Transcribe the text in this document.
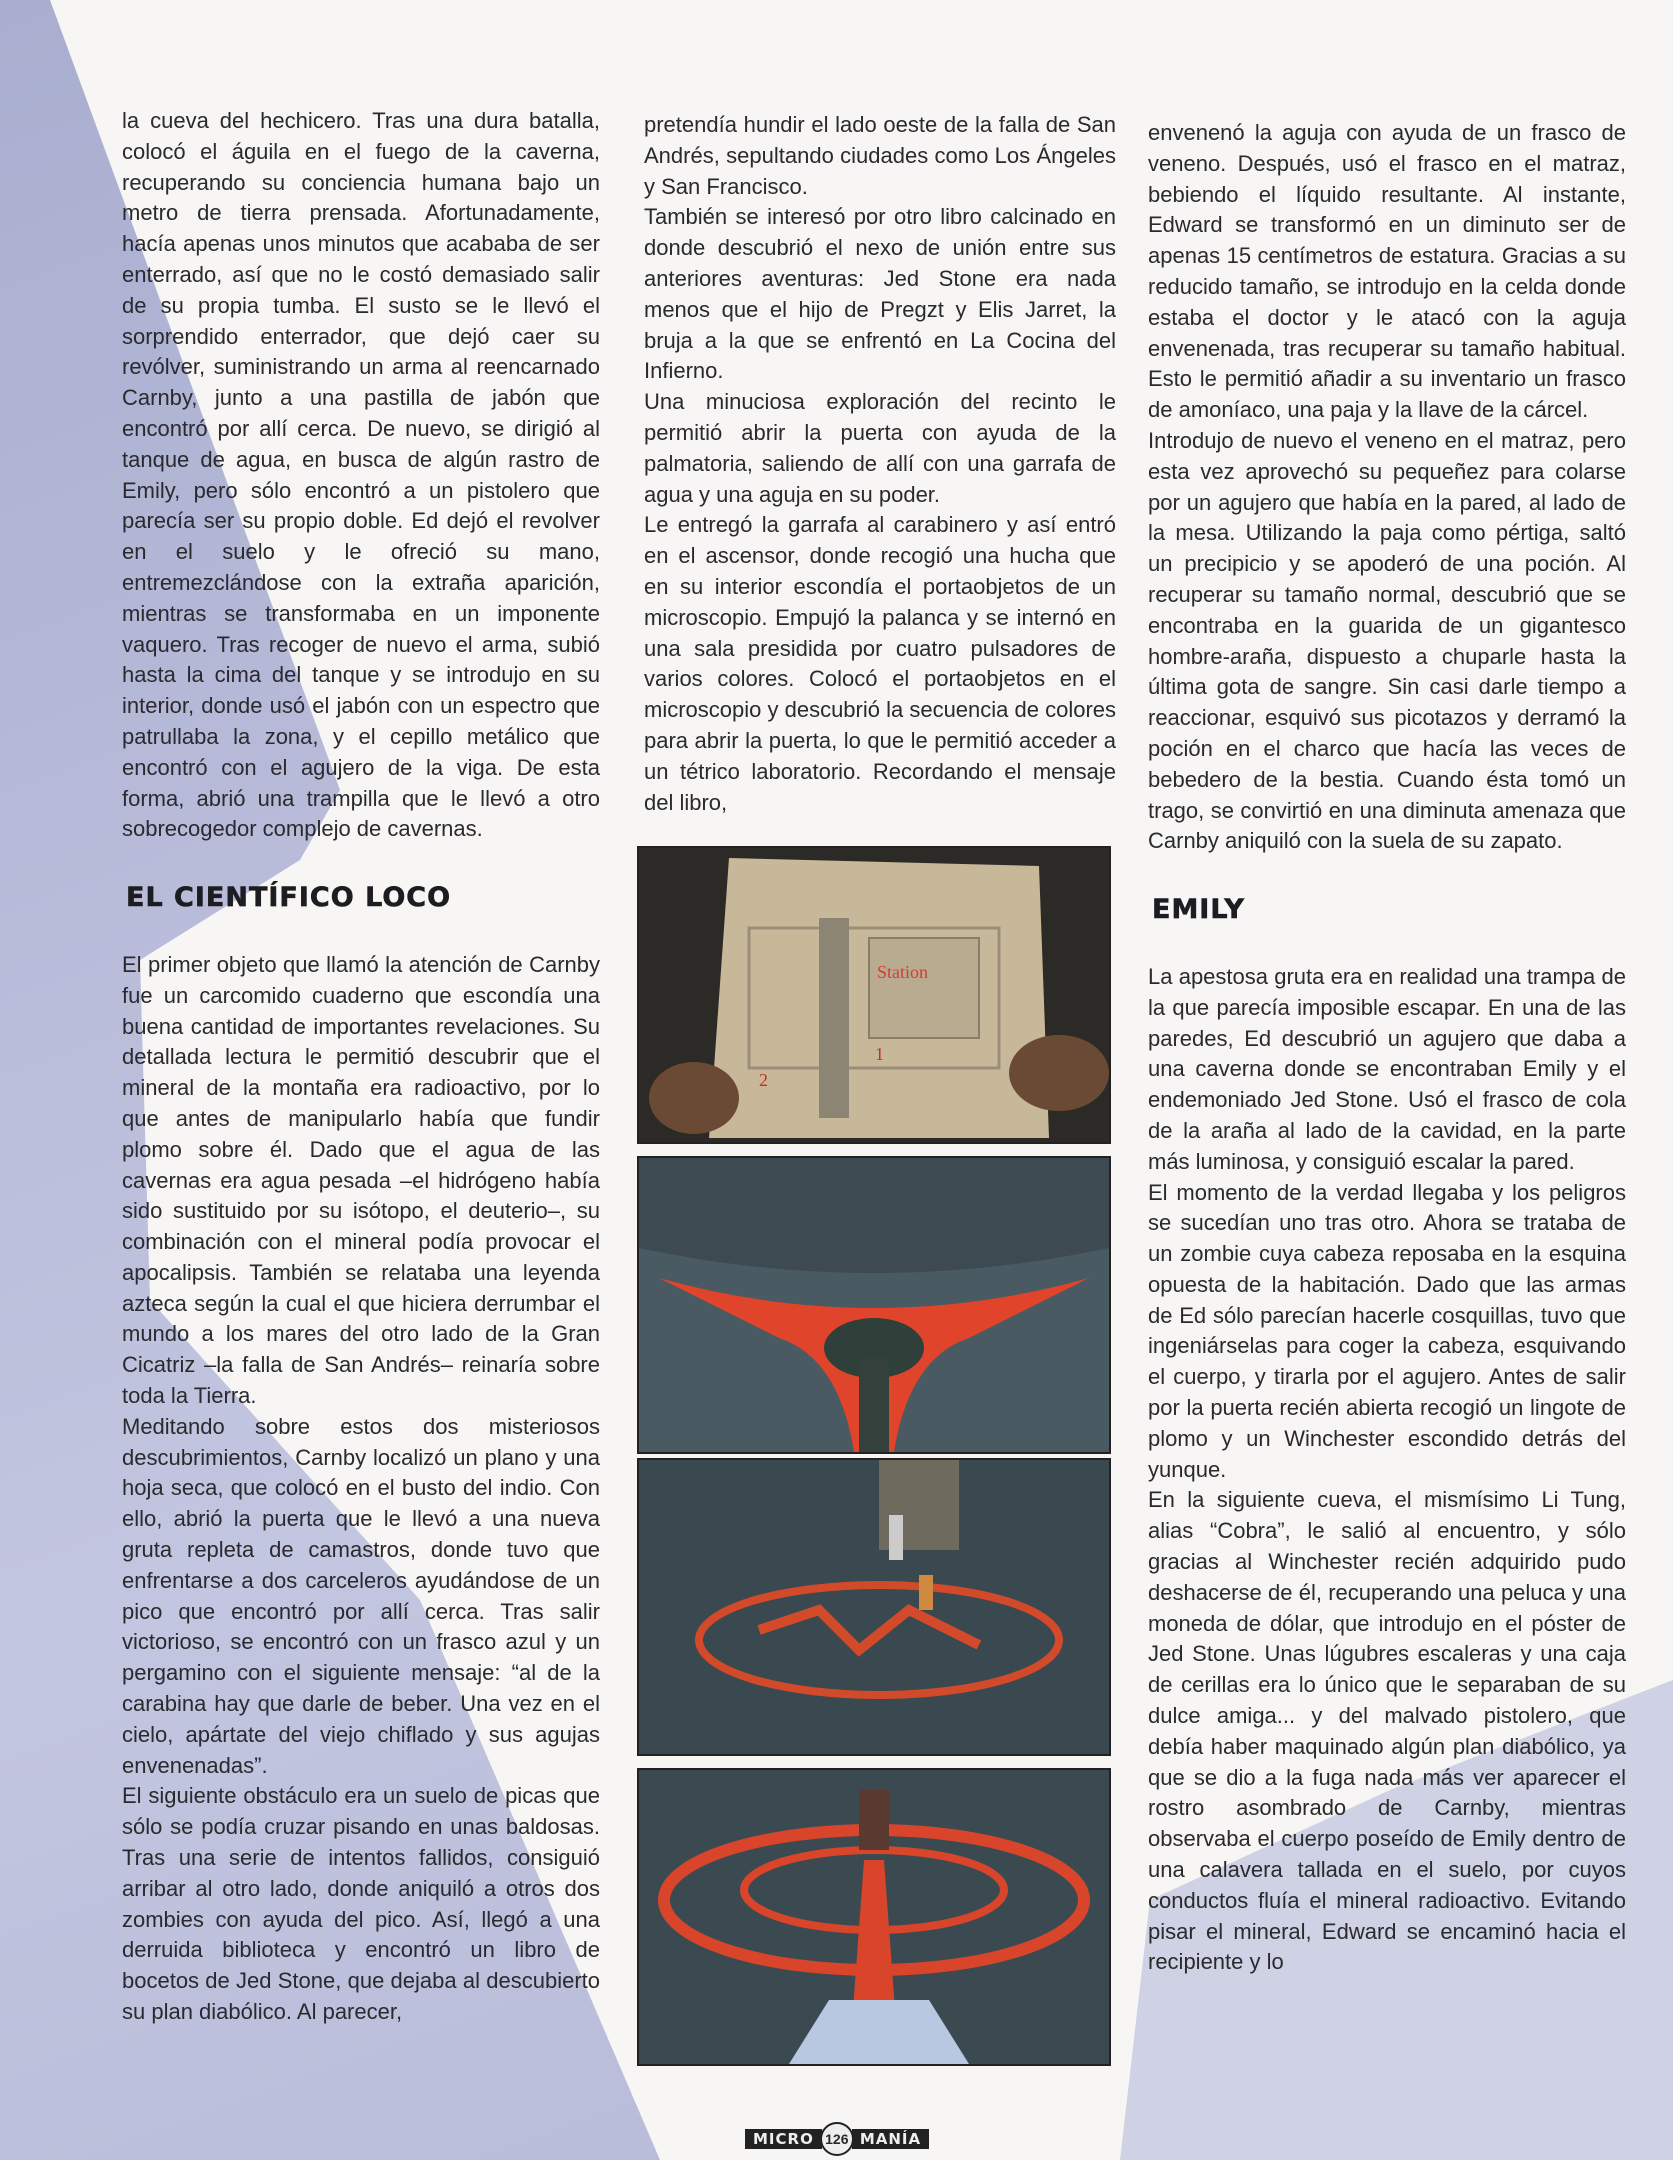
la cueva del hechicero. Tras una dura batalla, colocó el águila en el fuego de la caverna, recuperando su conciencia humana bajo un metro de tierra prensada. Afortunadamente, hacía apenas unos minutos que acababa de ser enterrado, así que no le costó demasiado salir de su propia tumba. El susto se le llevó el sorprendido enterrador, que dejó caer su revólver, suministrando un arma al reencarnado Carnby, junto a una pastilla de jabón que encontró por allí cerca. De nuevo, se dirigió al tanque de agua, en busca de algún rastro de Emily, pero sólo encontró a un pistolero que parecía ser su propio doble. Ed dejó el revolver en el suelo y le ofreció su mano, entremezclándose con la extraña aparición, mientras se transformaba en un imponente vaquero. Tras recoger de nuevo el arma, subió hasta la cima del tanque y se introdujo en su interior, donde usó el jabón con un espectro que patrullaba la zona, y el cepillo metálico que encontró con el agujero de la viga. De esta forma, abrió una trampilla que le llevó a otro sobrecogedor complejo de cavernas.

EL CIENTÍFICO LOCO

El primer objeto que llamó la atención de Carnby fue un carcomido cuaderno que escondía una buena cantidad de importantes revelaciones. Su detallada lectura le permitió descubrir que el mineral de la montaña era radioactivo, por lo que antes de manipularlo había que fundir plomo sobre él. Dado que el agua de las cavernas era agua pesada –el hidrógeno había sido sustituido por su isótopo, el deuterio–, su combinación con el mineral podía provocar el apocalipsis. También se relataba una leyenda azteca según la cual el que hiciera derrumbar el mundo a los mares del otro lado de la Gran Cicatriz –la falla de San Andrés– reinaría sobre toda la Tierra.

Meditando sobre estos dos misteriosos descubrimientos, Carnby localizó un plano y una hoja seca, que colocó en el busto del indio. Con ello, abrió la puerta que le llevó a una nueva gruta repleta de camastros, donde tuvo que enfrentarse a dos carceleros ayudándose de un pico que encontró por allí cerca. Tras salir victorioso, se encontró con un frasco azul y un pergamino con el siguiente mensaje: “al de la carabina hay que darle de beber. Una vez en el cielo, apártate del viejo chiflado y sus agujas envenenadas”.

El siguiente obstáculo era un suelo de picas que sólo se podía cruzar pisando en unas baldosas. Tras una serie de intentos fallidos, consiguió arribar al otro lado, donde aniquiló a otros dos zombies con ayuda del pico. Así, llegó a una derruida biblioteca y encontró un libro de bocetos de Jed Stone, que dejaba al descubierto su plan diabólico. Al parecer,

pretendía hundir el lado oeste de la falla de San Andrés, sepultando ciudades como Los Ángeles y San Francisco.

También se interesó por otro libro calcinado en donde descubrió el nexo de unión entre sus anteriores aventuras: Jed Stone era nada menos que el hijo de Pregzt y Elis Jarret, la bruja a la que se enfrentó en La Cocina del Infierno.

Una minuciosa exploración del recinto le permitió abrir la puerta con ayuda de la palmatoria, saliendo de allí con una garrafa de agua y una aguja en su poder.

Le entregó la garrafa al carabinero y así entró en el ascensor, donde recogió una hucha que en su interior escondía el portaobjetos de un microscopio. Empujó la palanca y se internó en una sala presidida por cuatro pulsadores de varios colores. Colocó el portaobjetos en el microscopio y descubrió la secuencia de colores para abrir la puerta, lo que le permitió acceder a un tétrico laboratorio. Recordando el mensaje del libro,

Station
1
2

envenenó la aguja con ayuda de un frasco de veneno. Después, usó el frasco en el matraz, bebiendo el líquido resultante. Al instante, Edward se transformó en un diminuto ser de apenas 15 centímetros de estatura. Gracias a su reducido tamaño, se introdujo en la celda donde estaba el doctor y le atacó con la aguja envenenada, tras recuperar su tamaño habitual. Esto le permitió añadir a su inventario un frasco de amoníaco, una paja y la llave de la cárcel.

Introdujo de nuevo el veneno en el matraz, pero esta vez aprovechó su pequeñez para colarse por un agujero que había en la pared, al lado de la mesa. Utilizando la paja como pértiga, saltó un precipicio y se apoderó de una poción. Al recuperar su tamaño normal, descubrió que se encontraba en la guarida de un gigantesco hombre-araña, dispuesto a chuparle hasta la última gota de sangre. Sin casi darle tiempo a reaccionar, esquivó sus picotazos y derramó la poción en el charco que hacía las veces de bebedero de la bestia. Cuando ésta tomó un trago, se convirtió en una diminuta amenaza que Carnby aniquiló con la suela de su zapato.

EMILY

La apestosa gruta era en realidad una trampa de la que parecía imposible escapar. En una de las paredes, Ed descubrió un agujero que daba a una caverna donde se encontraban Emily y el endemoniado Jed Stone. Usó el frasco de cola de la araña al lado de la cavidad, en la parte más luminosa, y consiguió escalar la pared.

El momento de la verdad llegaba y los peligros se sucedían uno tras otro. Ahora se trataba de un zombie cuya cabeza reposaba en la esquina opuesta de la habitación. Dado que las armas de Ed sólo parecían hacerle cosquillas, tuvo que ingeniárselas para coger la cabeza, esquivando el cuerpo, y tirarla por el agujero. Antes de salir por la puerta recién abierta recogió un lingote de plomo y un Winchester escondido detrás del yunque.

En la siguiente cueva, el mismísimo Li Tung, alias “Cobra”, le salió al encuentro, y sólo gracias al Winchester recién adquirido pudo deshacerse de él, recuperando una peluca y una moneda de dólar, que introdujo en el póster de Jed Stone. Unas lúgubres escaleras y una caja de cerillas era lo único que le separaban de su dulce amiga... y del malvado pistolero, que debía haber maquinado algún plan diabólico, ya que se dio a la fuga nada más ver aparecer el rostro asombrado de Carnby, mientras observaba el cuerpo poseído de Emily dentro de una calavera tallada en el suelo, por cuyos conductos fluía el mineral radioactivo. Evitando pisar el mineral, Edward se encaminó hacia el recipiente y lo

MICRO 126 MANÍA
